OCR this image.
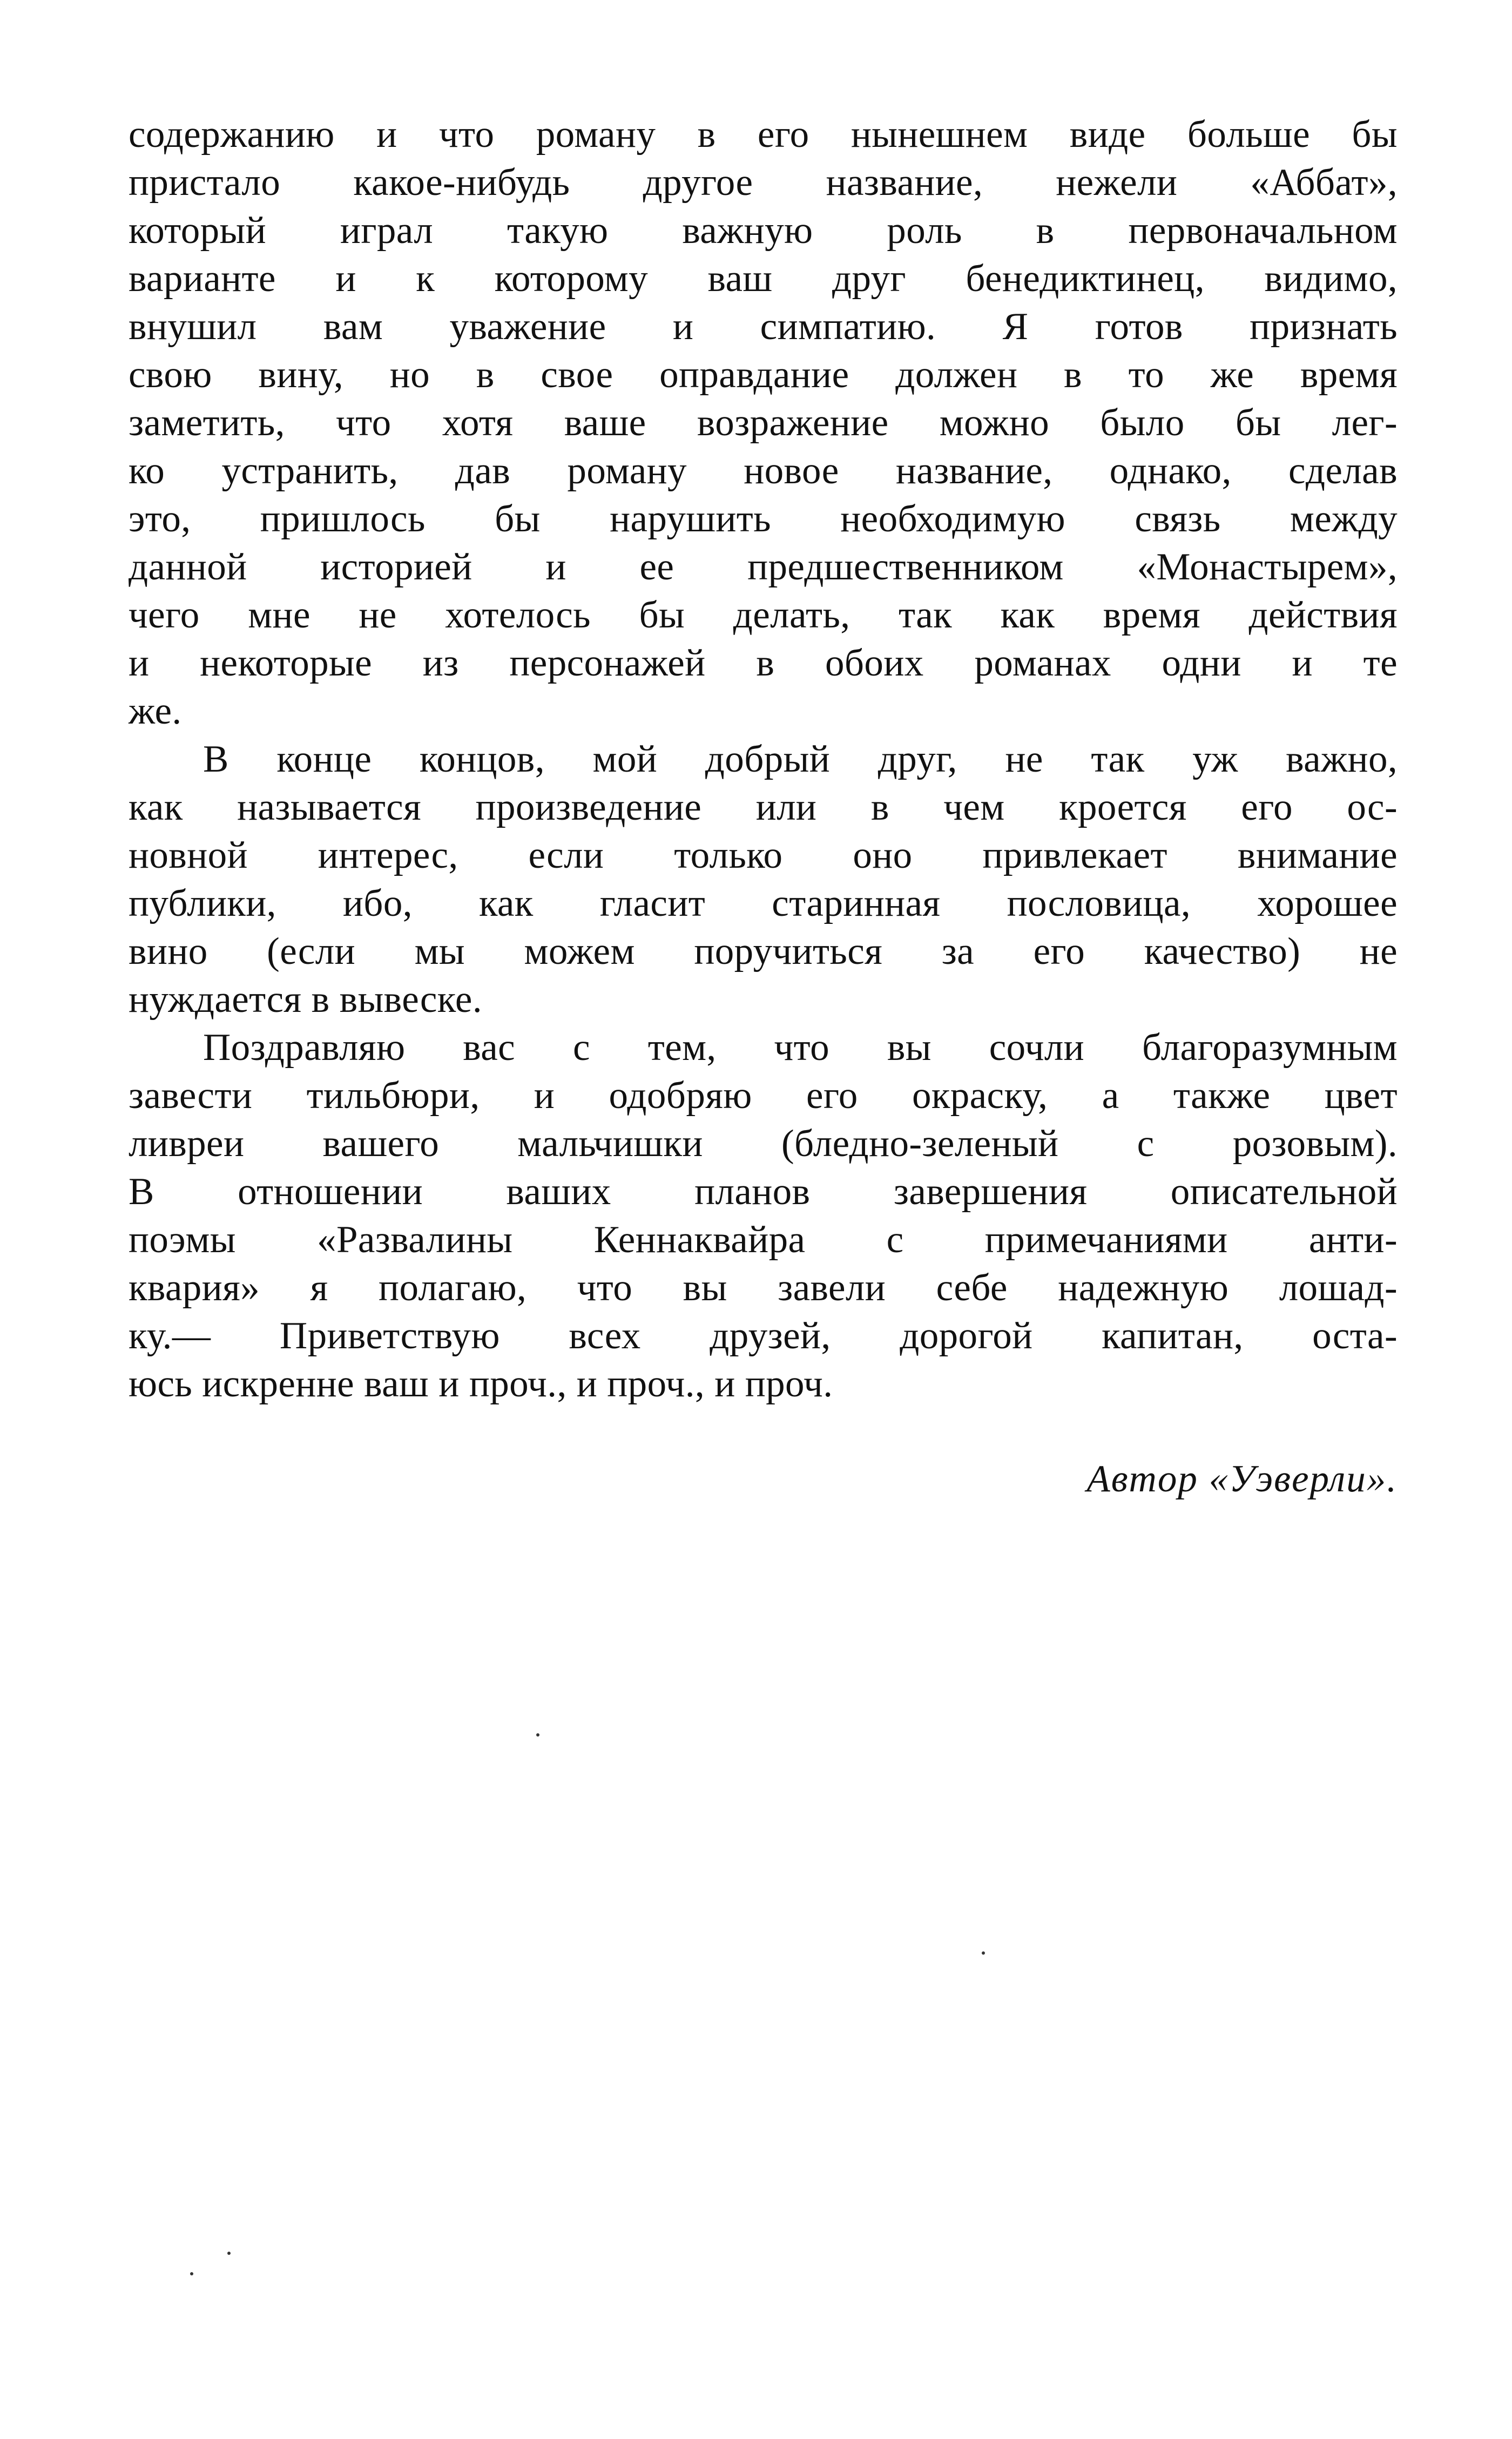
содержанию и что роману в его нынешнем виде больше бы
пристало какое-нибудь другое название, нежели «Аббат»,
который играл такую важную роль в первоначальном
варианте и к которому ваш друг бенедиктинец, видимо,
внушил вам уважение и симпатию. Я готов признать
свою вину, но в свое оправдание должен в то же время
заметить, что хотя ваше возражение можно было бы лег-
ко устранить, дав роману новое название, однако, сделав
это, пришлось бы нарушить необходимую связь между
данной историей и ее предшественником «Монастырем»,
чего мне не хотелось бы делать, так как время действия
и некоторые из персонажей в обоих романах одни и те
же.
В конце концов, мой добрый друг, не так уж важно,
как называется произведение или в чем кроется его ос-
новной интерес, если только оно привлекает внимание
публики, ибо, как гласит старинная пословица, хорошее
вино (если мы можем поручиться за его качество) не
нуждается в вывеске.
Поздравляю вас с тем, что вы сочли благоразумным
завести тильбюри, и одобряю его окраску, а также цвет
ливреи вашего мальчишки (бледно-зеленый с розовым).
В отношении ваших планов завершения описательной
поэмы «Развалины Кеннаквайра с примечаниями анти-
квария» я полагаю, что вы завели себе надежную лошад-
ку.— Приветствую всех друзей, дорогой капитан, оста-
юсь искренне ваш и проч., и проч., и проч.
Автор «Уэверли».
